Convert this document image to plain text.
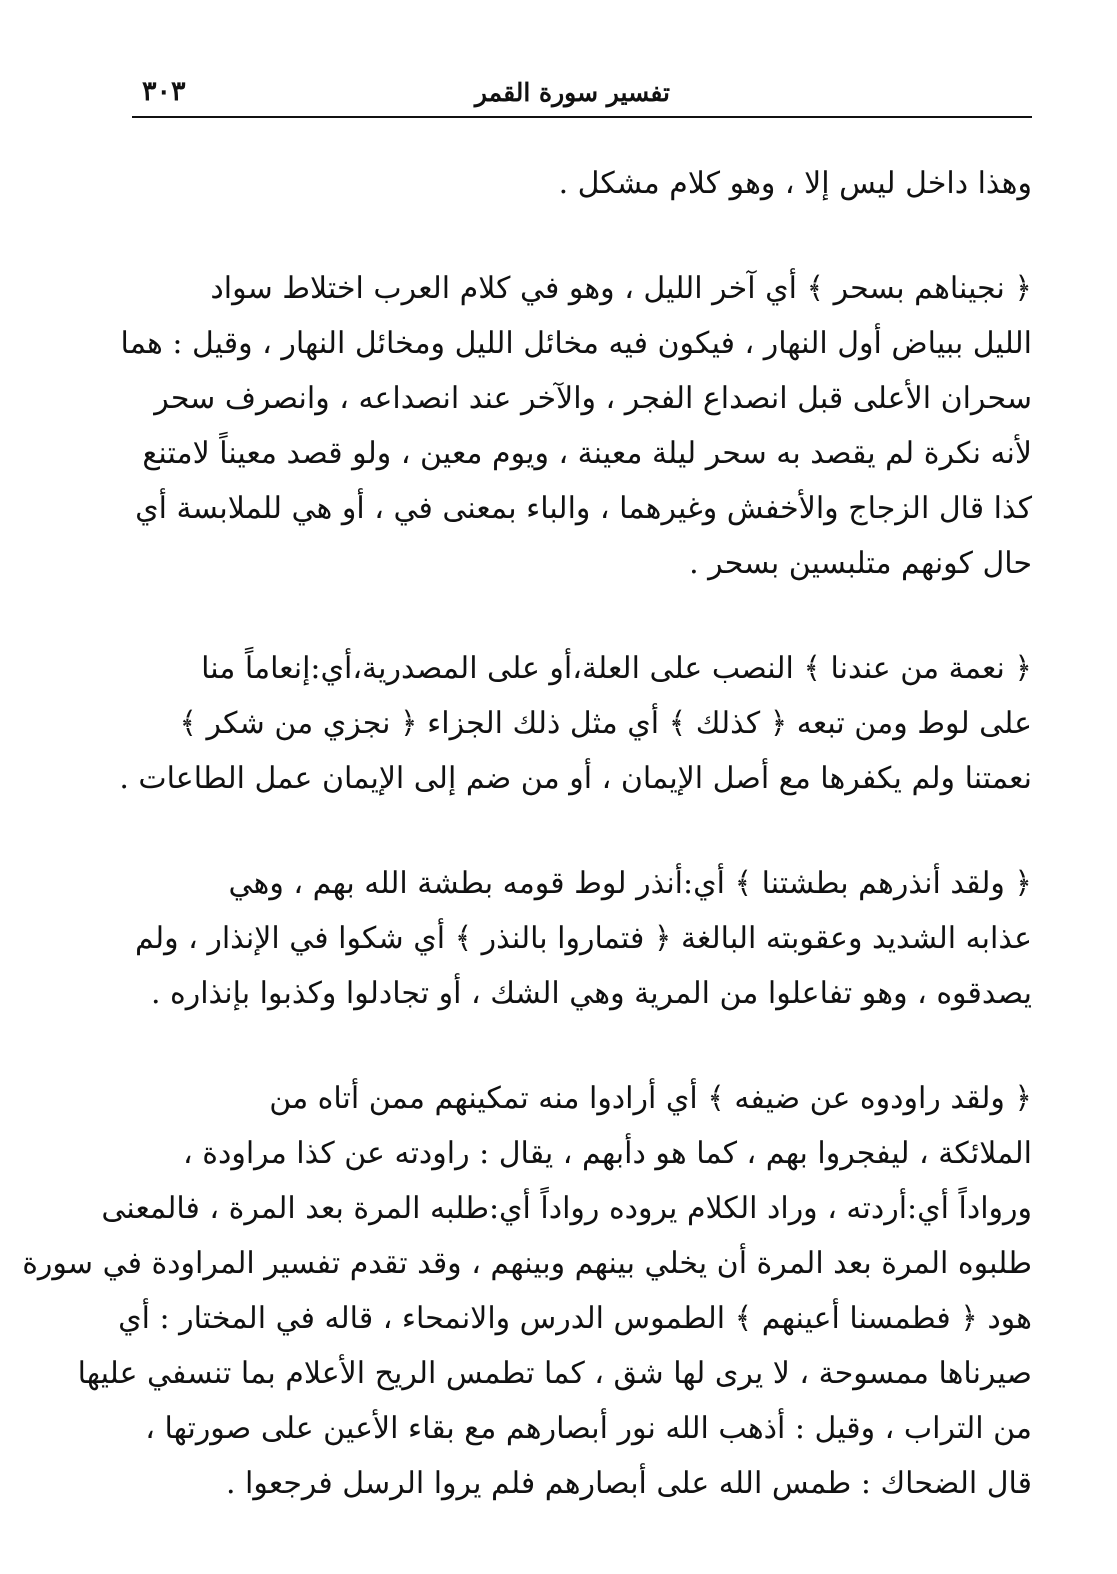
تفسير سورة القمر
٣٠٣

وهذا داخل ليس إلا ، وهو كلام مشكل .

﴿ نجيناهم بسحر ﴾ أي آخر الليل ، وهو في كلام العرب اختلاط سواد
الليل ببياض أول النهار ، فيكون فيه مخائل الليل ومخائل النهار ، وقيل : هما
سحران الأعلى قبل انصداع الفجر ، والآخر عند انصداعه ، وانصرف سحر
لأنه نكرة لم يقصد به سحر ليلة معينة ، ويوم معين ، ولو قصد معيناً لامتنع
كذا قال الزجاج والأخفش وغيرهما ، والباء بمعنى في ، أو هي للملابسة أي
حال كونهم متلبسين بسحر .

﴿ نعمة من عندنا ﴾ النصب على العلة،أو على المصدرية،أي:إنعاماً منا
على لوط ومن تبعه ﴿ كذلك ﴾ أي مثل ذلك الجزاء ﴿ نجزي من شكر ﴾
نعمتنا ولم يكفرها مع أصل الإيمان ، أو من ضم إلى الإيمان عمل الطاعات .

﴿ ولقد أنذرهم بطشتنا ﴾ أي:أنذر لوط قومه بطشة الله بهم ، وهي
عذابه الشديد وعقوبته البالغة ﴿ فتماروا بالنذر ﴾ أي شكوا في الإنذار ، ولم
يصدقوه ، وهو تفاعلوا من المرية وهي الشك ، أو تجادلوا وكذبوا بإنذاره .

﴿ ولقد راودوه عن ضيفه ﴾ أي أرادوا منه تمكينهم ممن أتاه من
الملائكة ، ليفجروا بهم ، كما هو دأبهم ، يقال : راودته عن كذا مراودة ،
ورواداً أي:أردته ، وراد الكلام يروده رواداً أي:طلبه المرة بعد المرة ، فالمعنى
طلبوه المرة بعد المرة أن يخلي بينهم وبينهم ، وقد تقدم تفسير المراودة في سورة
هود ﴿ فطمسنا أعينهم ﴾ الطموس الدرس والانمحاء ، قاله في المختار : أي
صيرناها ممسوحة ، لا يرى لها شق ، كما تطمس الريح الأعلام بما تنسفي عليها
من التراب ، وقيل : أذهب الله نور أبصارهم مع بقاء الأعين على صورتها ،
قال الضحاك : طمس الله على أبصارهم فلم يروا الرسل فرجعوا .
